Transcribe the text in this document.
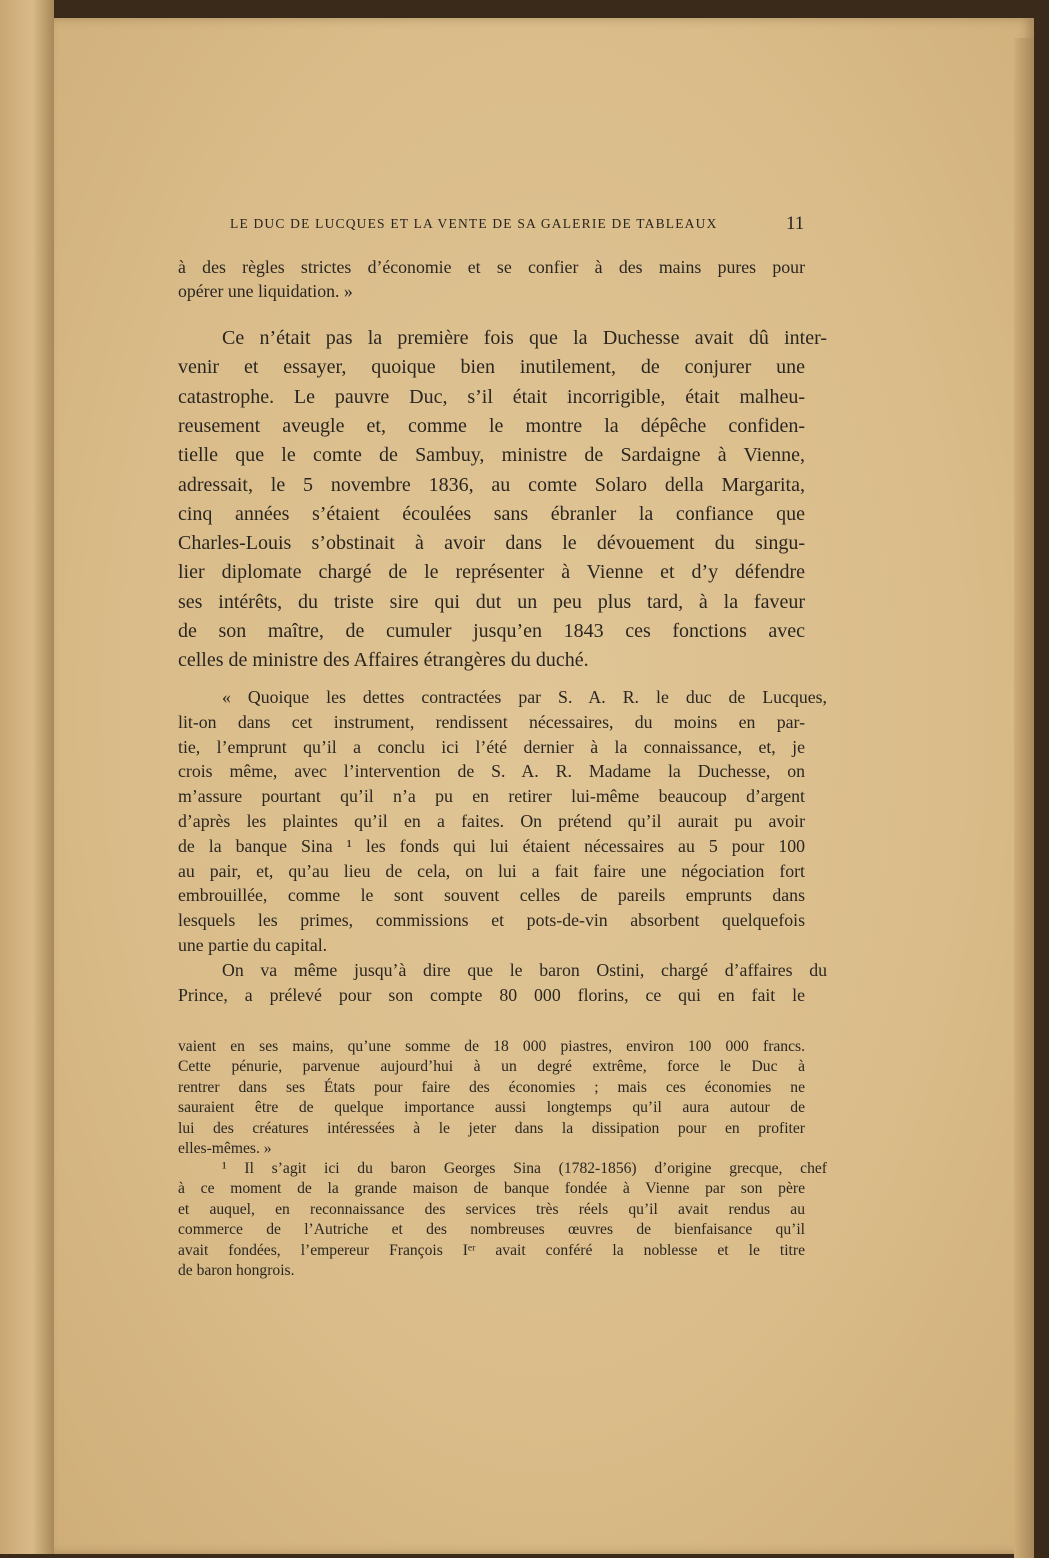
LE DUC DE LUCQUES ET LA VENTE DE SA GALERIE DE TABLEAUX	11
à des règles strictes d’économie et se confier à des mains pures pour
opérer une liquidation. »
Ce n’était pas la première fois que la Duchesse avait dû inter-
venir et essayer, quoique bien inutilement, de conjurer une
catastrophe. Le pauvre Duc, s’il était incorrigible, était malheu-
reusement aveugle et, comme le montre la dépêche confiden-
tielle que le comte de Sambuy, ministre de Sardaigne à Vienne,
adressait, le 5 novembre 1836, au comte Solaro della Margarita,
cinq années s’étaient écoulées sans ébranler la confiance que
Charles-Louis s’obstinait à avoir dans le dévouement du singu-
lier diplomate chargé de le représenter à Vienne et d’y défendre
ses intérêts, du triste sire qui dut un peu plus tard, à la faveur
de son maître, de cumuler jusqu’en 1843 ces fonctions avec
celles de ministre des Affaires étrangères du duché.
« Quoique les dettes contractées par S. A. R. le duc de Lucques,
lit-on dans cet instrument, rendissent nécessaires, du moins en par-
tie, l’emprunt qu’il a conclu ici l’été dernier à la connaissance, et, je
crois même, avec l’intervention de S. A. R. Madame la Duchesse, on
m’assure pourtant qu’il n’a pu en retirer lui-même beaucoup d’argent
d’après les plaintes qu’il en a faites. On prétend qu’il aurait pu avoir
de la banque Sina ¹ les fonds qui lui étaient nécessaires au 5 pour 100
au pair, et, qu’au lieu de cela, on lui a fait faire une négociation fort
embrouillée, comme le sont souvent celles de pareils emprunts dans
lesquels les primes, commissions et pots-de-vin absorbent quelquefois
une partie du capital.
On va même jusqu’à dire que le baron Ostini, chargé d’affaires du
Prince, a prélevé pour son compte 80 000 florins, ce qui en fait le
vaient en ses mains, qu’une somme de 18 000 piastres, environ 100 000 francs.
Cette pénurie, parvenue aujourd’hui à un degré extrême, force le Duc à
rentrer dans ses États pour faire des économies ; mais ces économies ne
sauraient être de quelque importance aussi longtemps qu’il aura autour de
lui des créatures intéressées à le jeter dans la dissipation pour en profiter
elles-mêmes. »
¹ Il s’agit ici du baron Georges Sina (1782-1856) d’origine grecque, chef
à ce moment de la grande maison de banque fondée à Vienne par son père
et auquel, en reconnaissance des services très réels qu’il avait rendus au
commerce de l’Autriche et des nombreuses œuvres de bienfaisance qu’il
avait fondées, l’empereur François Iᵉʳ avait conféré la noblesse et le titre
de baron hongrois.
